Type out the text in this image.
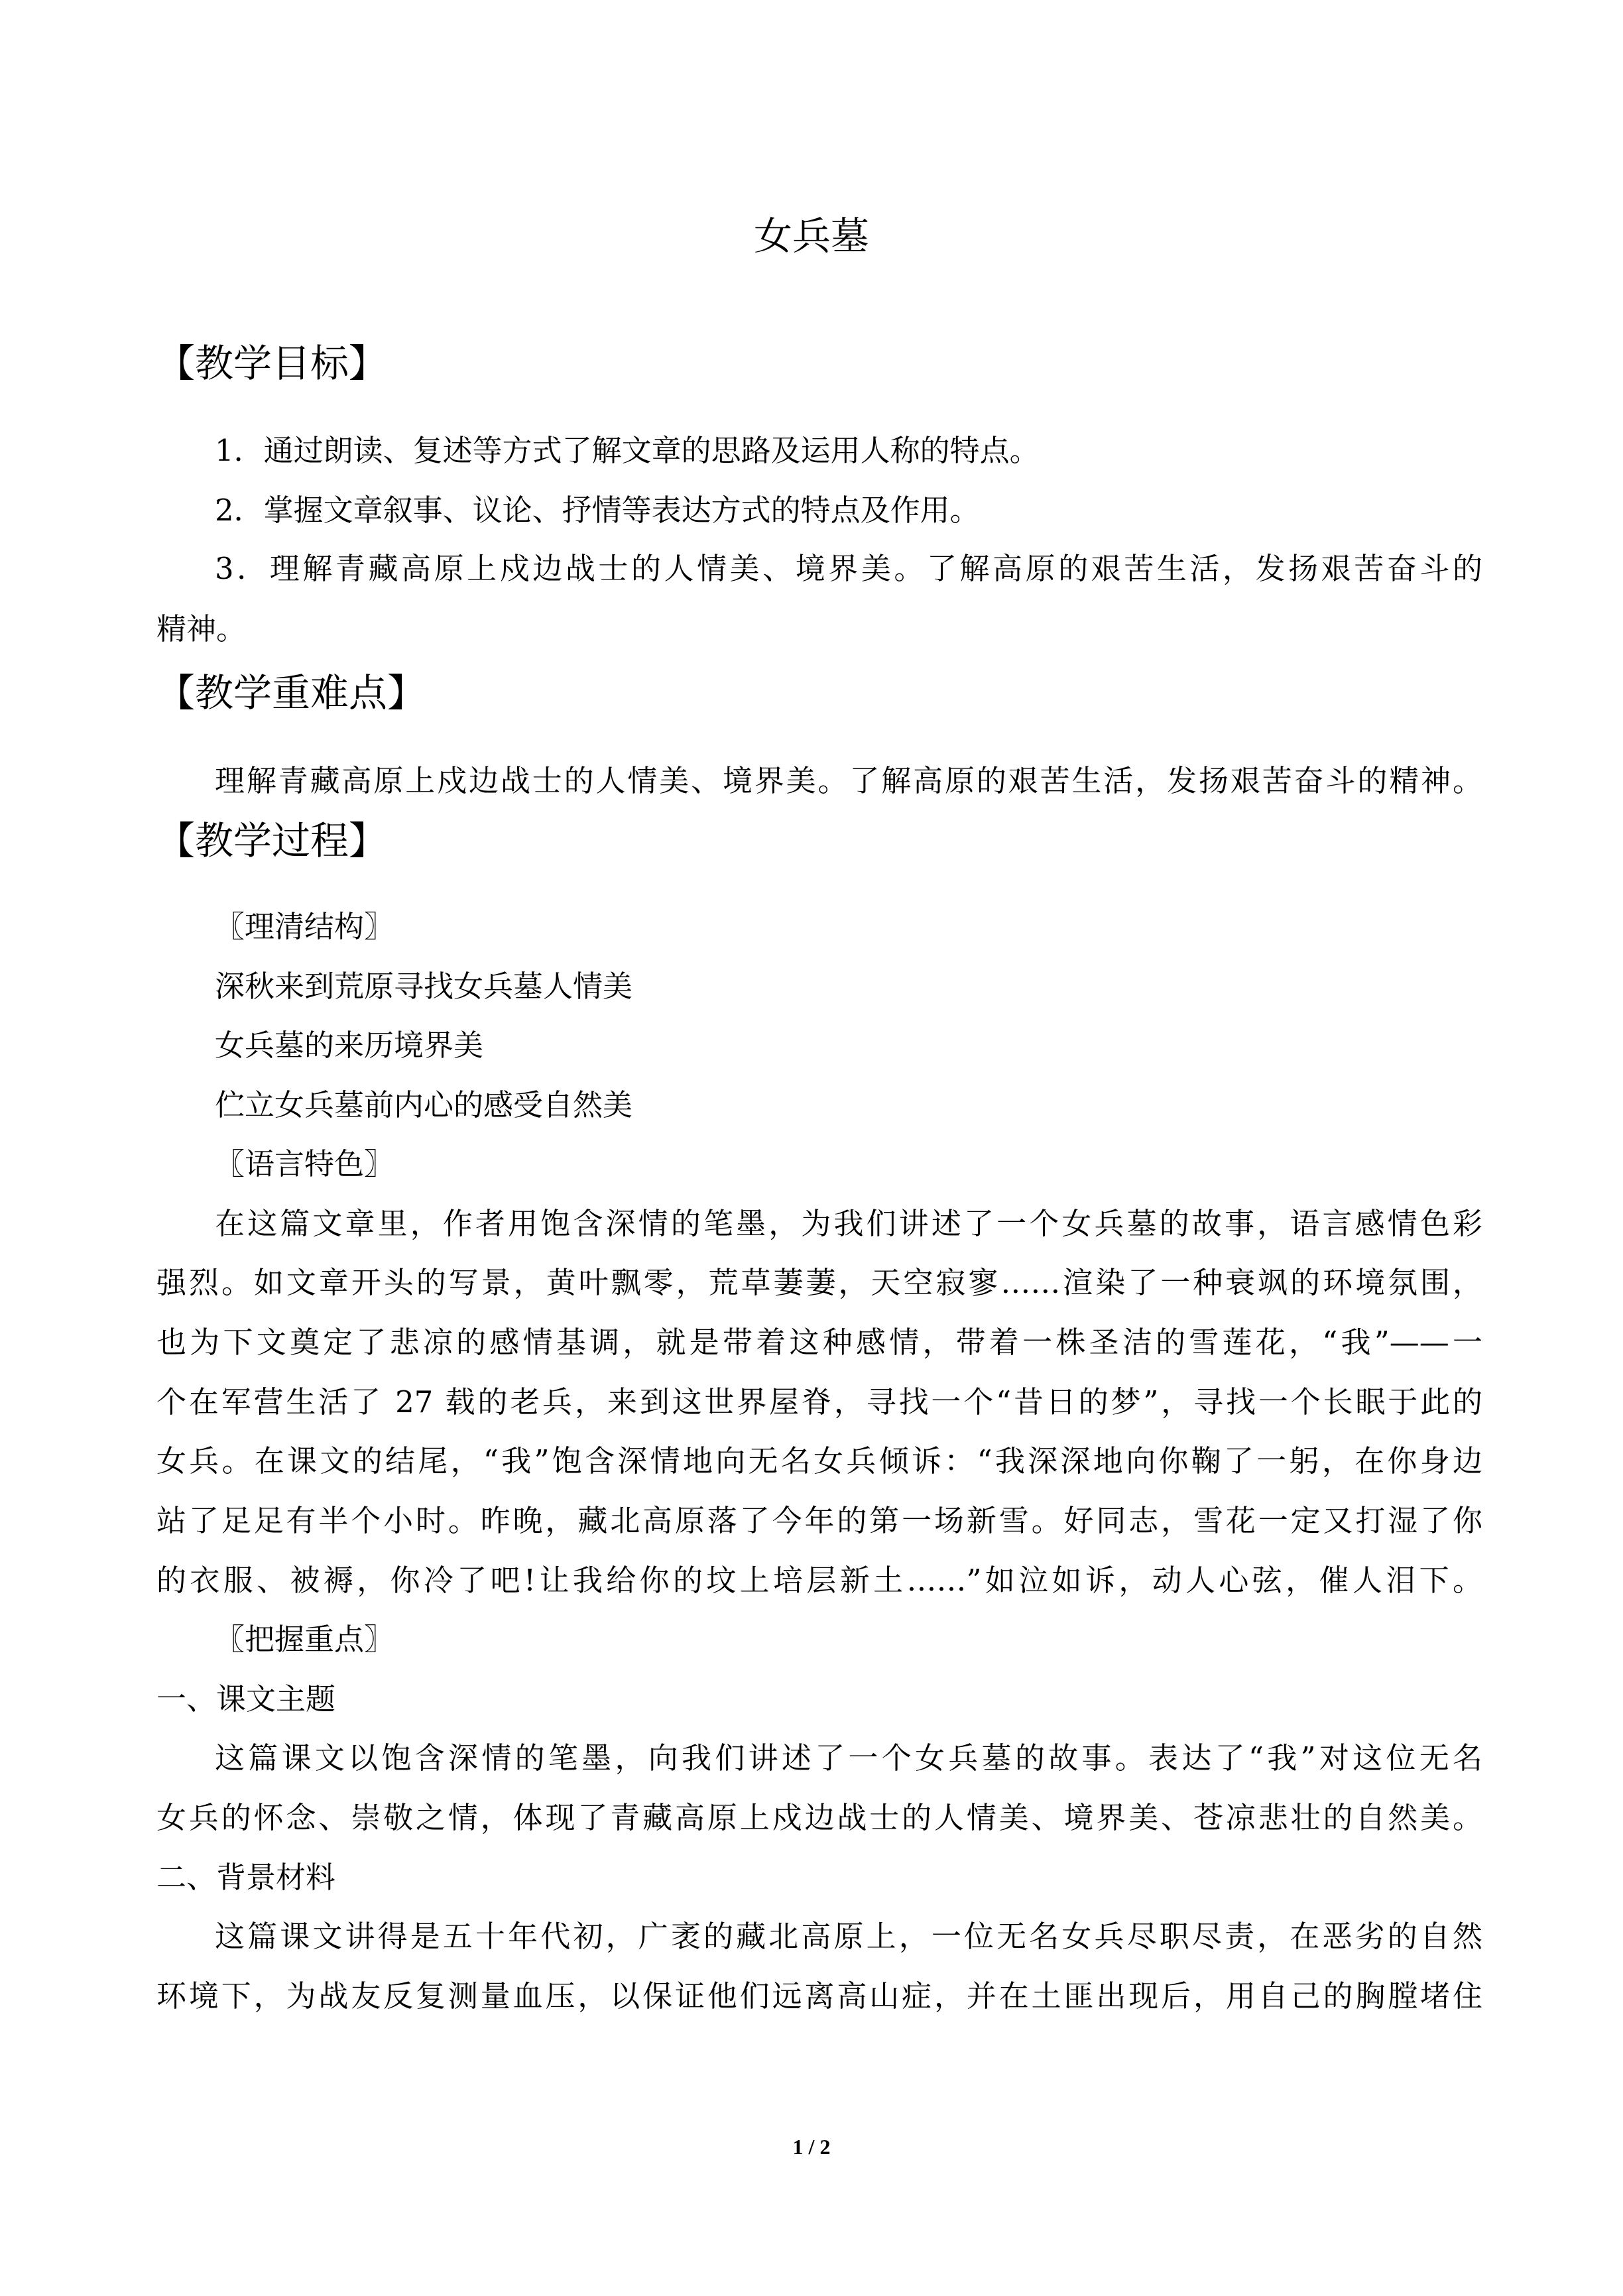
女兵墓
【教学目标】
1．通过朗读、复述等方式了解文章的思路及运用人称的特点。
2．掌握文章叙事、议论、抒情等表达方式的特点及作用。
3．理解青藏高原上戍边战士的人情美、境界美。了解高原的艰苦生活，发扬艰苦奋斗的
精神。
【教学重难点】
理解青藏高原上戍边战士的人情美、境界美。了解高原的艰苦生活，发扬艰苦奋斗的精神。
【教学过程】
〖理清结构〗
深秋来到荒原寻找女兵墓人情美
女兵墓的来历境界美
伫立女兵墓前内心的感受自然美
〖语言特色〗
在这篇文章里，作者用饱含深情的笔墨，为我们讲述了一个女兵墓的故事，语言感情色彩
强烈。如文章开头的写景，黄叶飘零，荒草萋萋，天空寂寥……渲染了一种衰飒的环境氛围，
也为下文奠定了悲凉的感情基调，就是带着这种感情，带着一株圣洁的雪莲花，“我”——一
个在军营生活了 27 载的老兵，来到这世界屋脊，寻找一个“昔日的梦”，寻找一个长眠于此的
女兵。在课文的结尾，“我”饱含深情地向无名女兵倾诉：“我深深地向你鞠了一躬，在你身边
站了足足有半个小时。昨晚，藏北高原落了今年的第一场新雪。好同志，雪花一定又打湿了你
的衣服、被褥，你冷了吧!让我给你的坟上培层新土……”如泣如诉，动人心弦，催人泪下。
〖把握重点〗
一、课文主题
这篇课文以饱含深情的笔墨，向我们讲述了一个女兵墓的故事。表达了“我”对这位无名
女兵的怀念、崇敬之情，体现了青藏高原上戍边战士的人情美、境界美、苍凉悲壮的自然美。
二、背景材料
这篇课文讲得是五十年代初，广袤的藏北高原上，一位无名女兵尽职尽责，在恶劣的自然
环境下，为战友反复测量血压，以保证他们远离高山症，并在土匪出现后，用自己的胸膛堵住
1 / 2
